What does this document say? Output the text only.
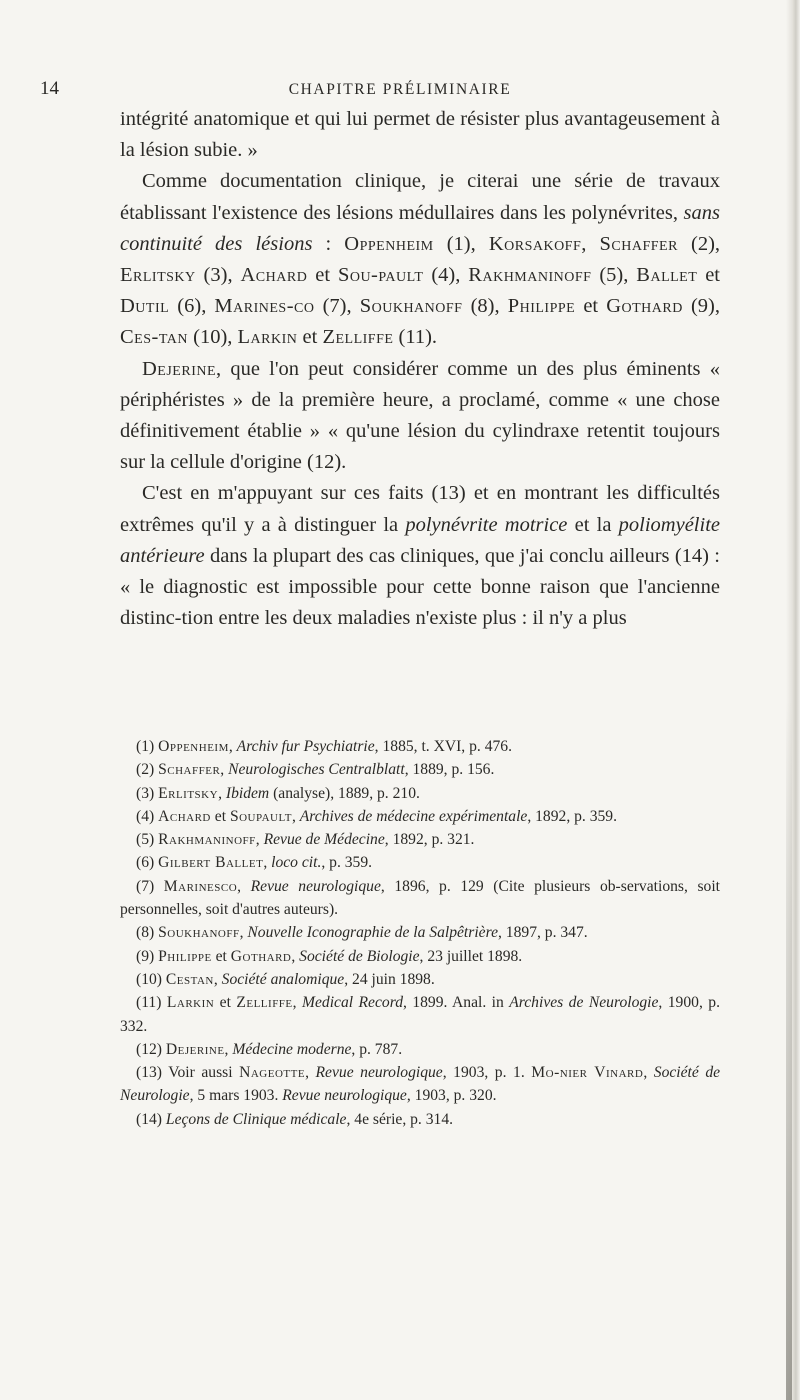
14	CHAPITRE PRÉLIMINAIRE

intégrité anatomique et qui lui permet de résister plus avantageusement à la lésion subie. »

Comme documentation clinique, je citerai une série de travaux établissant l'existence des lésions médullaires dans les polynévrites, sans continuité des lésions : Oppenheim (1), Korsakoff, Schaffer (2), Erlitsky (3), Achard et Sou-pault (4), Rakhmaninoff (5), Ballet et Dutil (6), Marines-co (7), Soukhanoff (8), Philippe et Gothard (9), Ces-tan (10), Larkin et Zelliffe (11).

Dejerine, que l'on peut considérer comme un des plus éminents « périphéristes » de la première heure, a proclamé, comme « une chose définitivement établie » « qu'une lésion du cylindraxe retentit toujours sur la cellule d'origine (12).

C'est en m'appuyant sur ces faits (13) et en montrant les difficultés extrêmes qu'il y a à distinguer la polynévrite motrice et la poliomyélite antérieure dans la plupart des cas cliniques, que j'ai conclu ailleurs (14) : « le diagnostic est impossible pour cette bonne raison que l'ancienne distinc-tion entre les deux maladies n'existe plus : il n'y a plus

(1) Oppenheim, Archiv fur Psychiatrie, 1885, t. XVI, p. 476.

(2) Schaffer, Neurologisches Centralblatt, 1889, p. 156.

(3) Erlitsky, Ibidem (analyse), 1889, p. 210.

(4) Achard et Soupault, Archives de médecine expérimentale, 1892, p. 359.

(5) Rakhmaninoff, Revue de Médecine, 1892, p. 321.

(6) Gilbert Ballet, loco cit., p. 359.

(7) Marinesco, Revue neurologique, 1896, p. 129 (Cite plusieurs ob-servations, soit personnelles, soit d'autres auteurs).

(8) Soukhanoff, Nouvelle Iconographie de la Salpêtrière, 1897, p. 347.

(9) Philippe et Gothard, Société de Biologie, 23 juillet 1898.

(10) Cestan, Société analomique, 24 juin 1898.

(11) Larkin et Zelliffe, Medical Record, 1899. Anal. in Archives de Neurologie, 1900, p. 332.

(12) Dejerine, Médecine moderne, p. 787.

(13) Voir aussi Nageotte, Revue neurologique, 1903, p. 1. Mo-nier Vinard, Société de Neurologie, 5 mars 1903. Revue neurologique, 1903, p. 320.

(14) Leçons de Clinique médicale, 4e série, p. 314.
